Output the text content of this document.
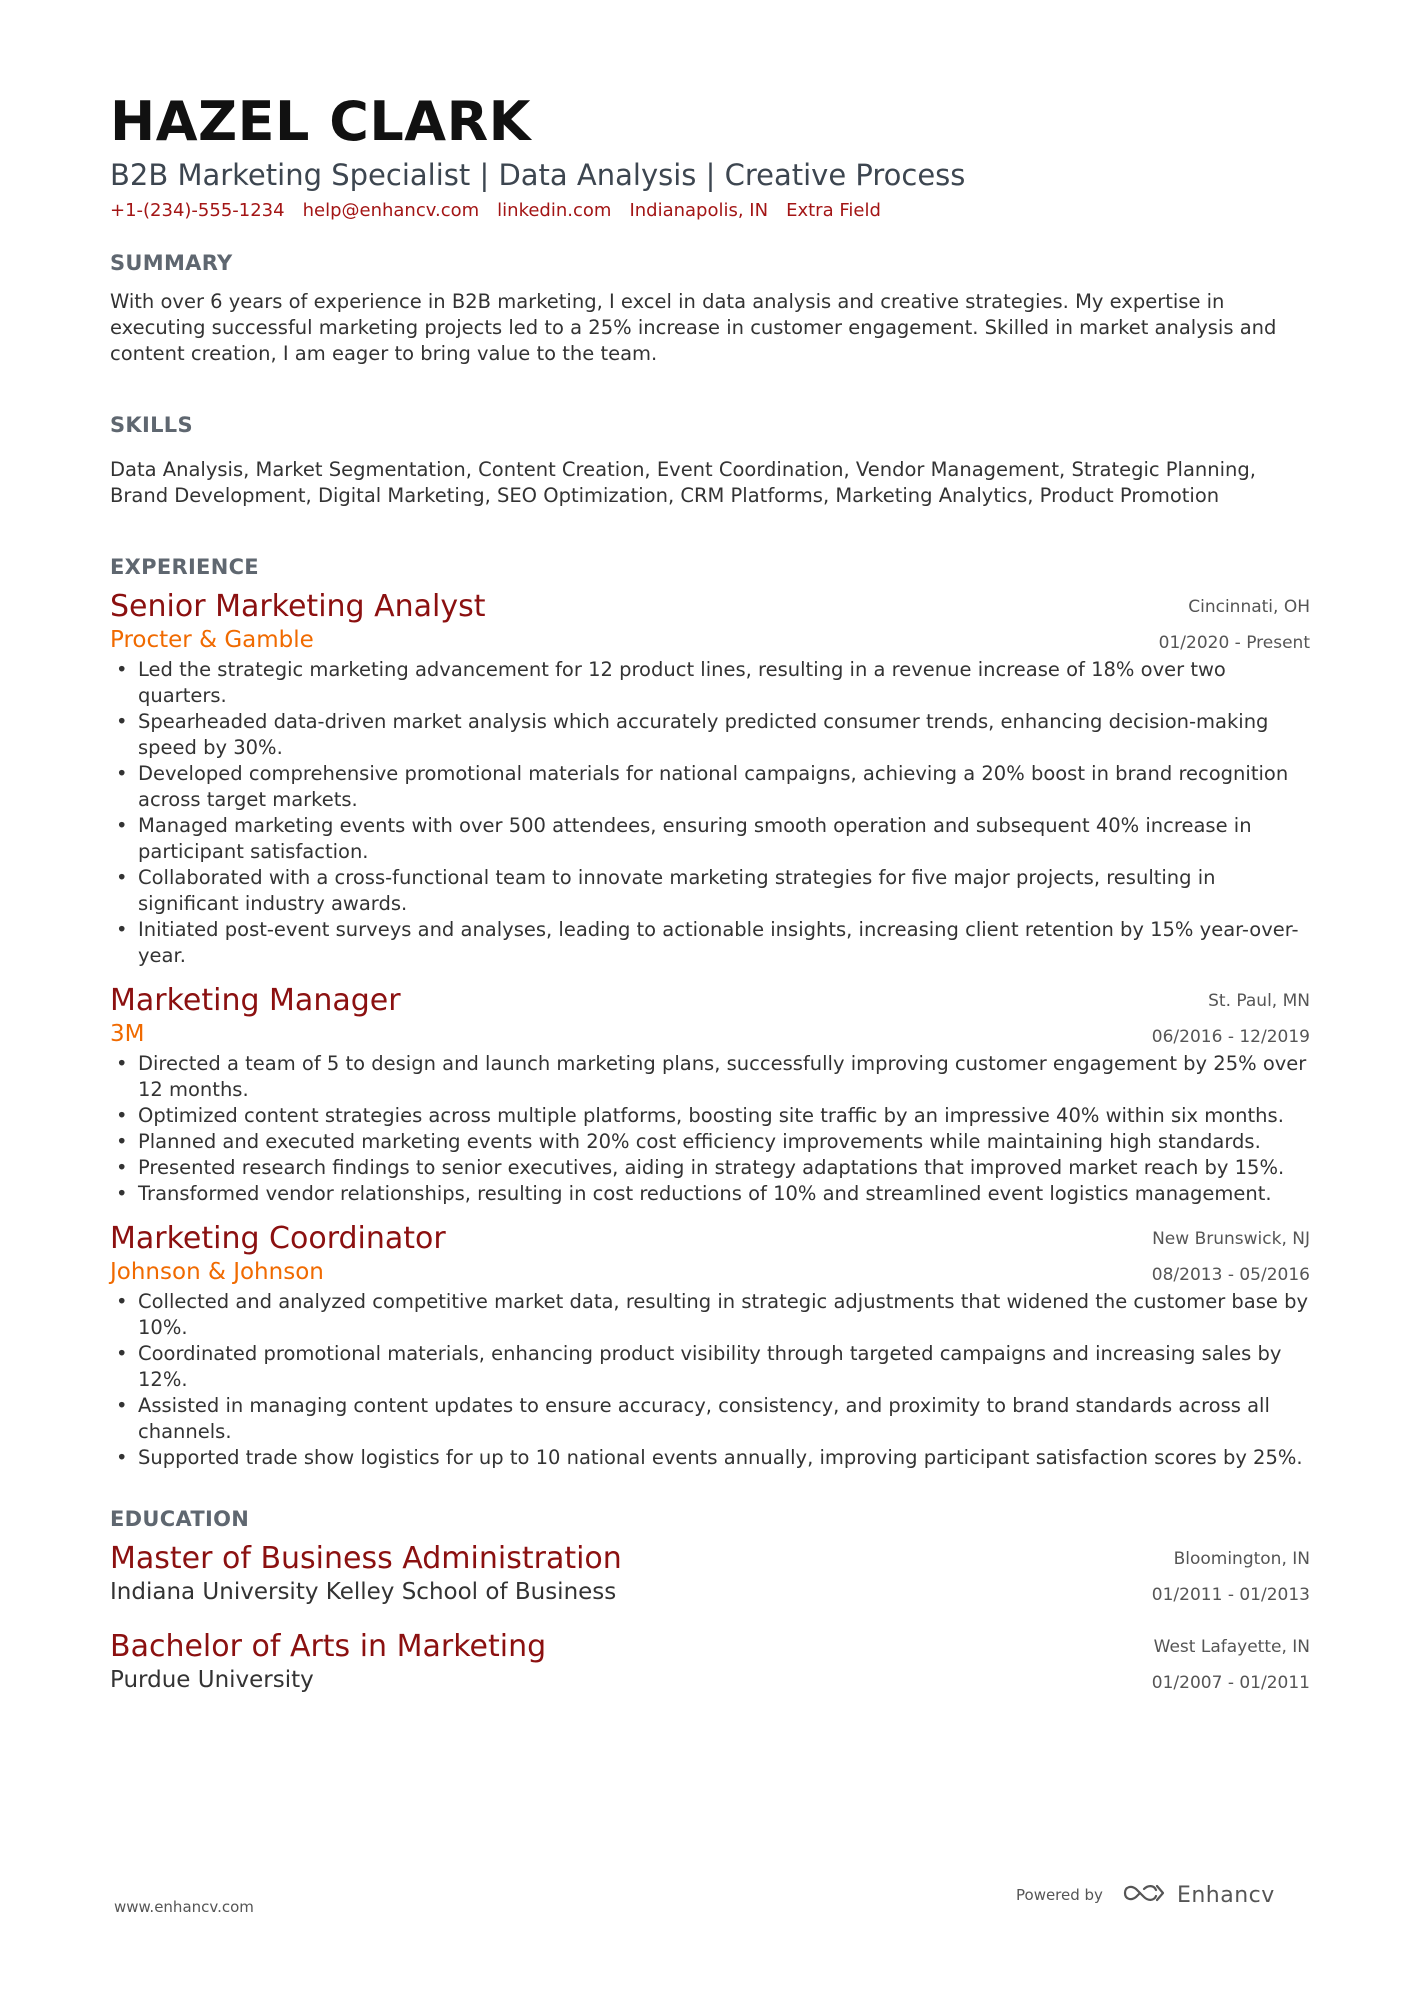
HAZEL CLARK
B2B Marketing Specialist | Data Analysis | Creative Process
+1-(234)-555-1234 help@enhancv.com linkedin.com Indianapolis, IN Extra Field
SUMMARY

With over 6 years of experience in B2B marketing, I excel in data analysis and creative strategies. My expertise in executing successful marketing projects led to a 25% increase in customer engagement. Skilled in market analysis and content creation, I am eager to bring value to the team.

SKILLS

Data Analysis, Market Segmentation, Content Creation, Event Coordination, Vendor Management, Strategic Planning, Brand Development, Digital Marketing, SEO Optimization, CRM Platforms, Marketing Analytics, Product Promotion

EXPERIENCE
Senior Marketing Analyst
Procter & Gamble
Cincinnati, OH
01/2020 - Present
• Led the strategic marketing advancement for 12 product lines, resulting in a revenue increase of 18% over two quarters.
• Spearheaded data-driven market analysis which accurately predicted consumer trends, enhancing decision-making speed by 30%.
• Developed comprehensive promotional materials for national campaigns, achieving a 20% boost in brand recognition across target markets.
• Managed marketing events with over 500 attendees, ensuring smooth operation and subsequent 40% increase in participant satisfaction.
• Collaborated with a cross-functional team to innovate marketing strategies for five major projects, resulting in significant industry awards.
• Initiated post-event surveys and analyses, leading to actionable insights, increasing client retention by 15% year-over-year.
Marketing Manager
3M
St. Paul, MN
06/2016 - 12/2019
• Directed a team of 5 to design and launch marketing plans, successfully improving customer engagement by 25% over 12 months.
• Optimized content strategies across multiple platforms, boosting site traffic by an impressive 40% within six months.
• Planned and executed marketing events with 20% cost efficiency improvements while maintaining high standards.
• Presented research findings to senior executives, aiding in strategy adaptations that improved market reach by 15%.
• Transformed vendor relationships, resulting in cost reductions of 10% and streamlined event logistics management.
Marketing Coordinator
Johnson & Johnson
New Brunswick, NJ
08/2013 - 05/2016
• Collected and analyzed competitive market data, resulting in strategic adjustments that widened the customer base by 10%.
• Coordinated promotional materials, enhancing product visibility through targeted campaigns and increasing sales by 12%.
• Assisted in managing content updates to ensure accuracy, consistency, and proximity to brand standards across all channels.
• Supported trade show logistics for up to 10 national events annually, improving participant satisfaction scores by 25%.
EDUCATION
Master of Business Administration
Indiana University Kelley School of Business
Bloomington, IN
01/2011 - 01/2013
Bachelor of Arts in Marketing
Purdue University
West Lafayette, IN
01/2007 - 01/2011
www.enhancv.com
Powered by	Enhancv
